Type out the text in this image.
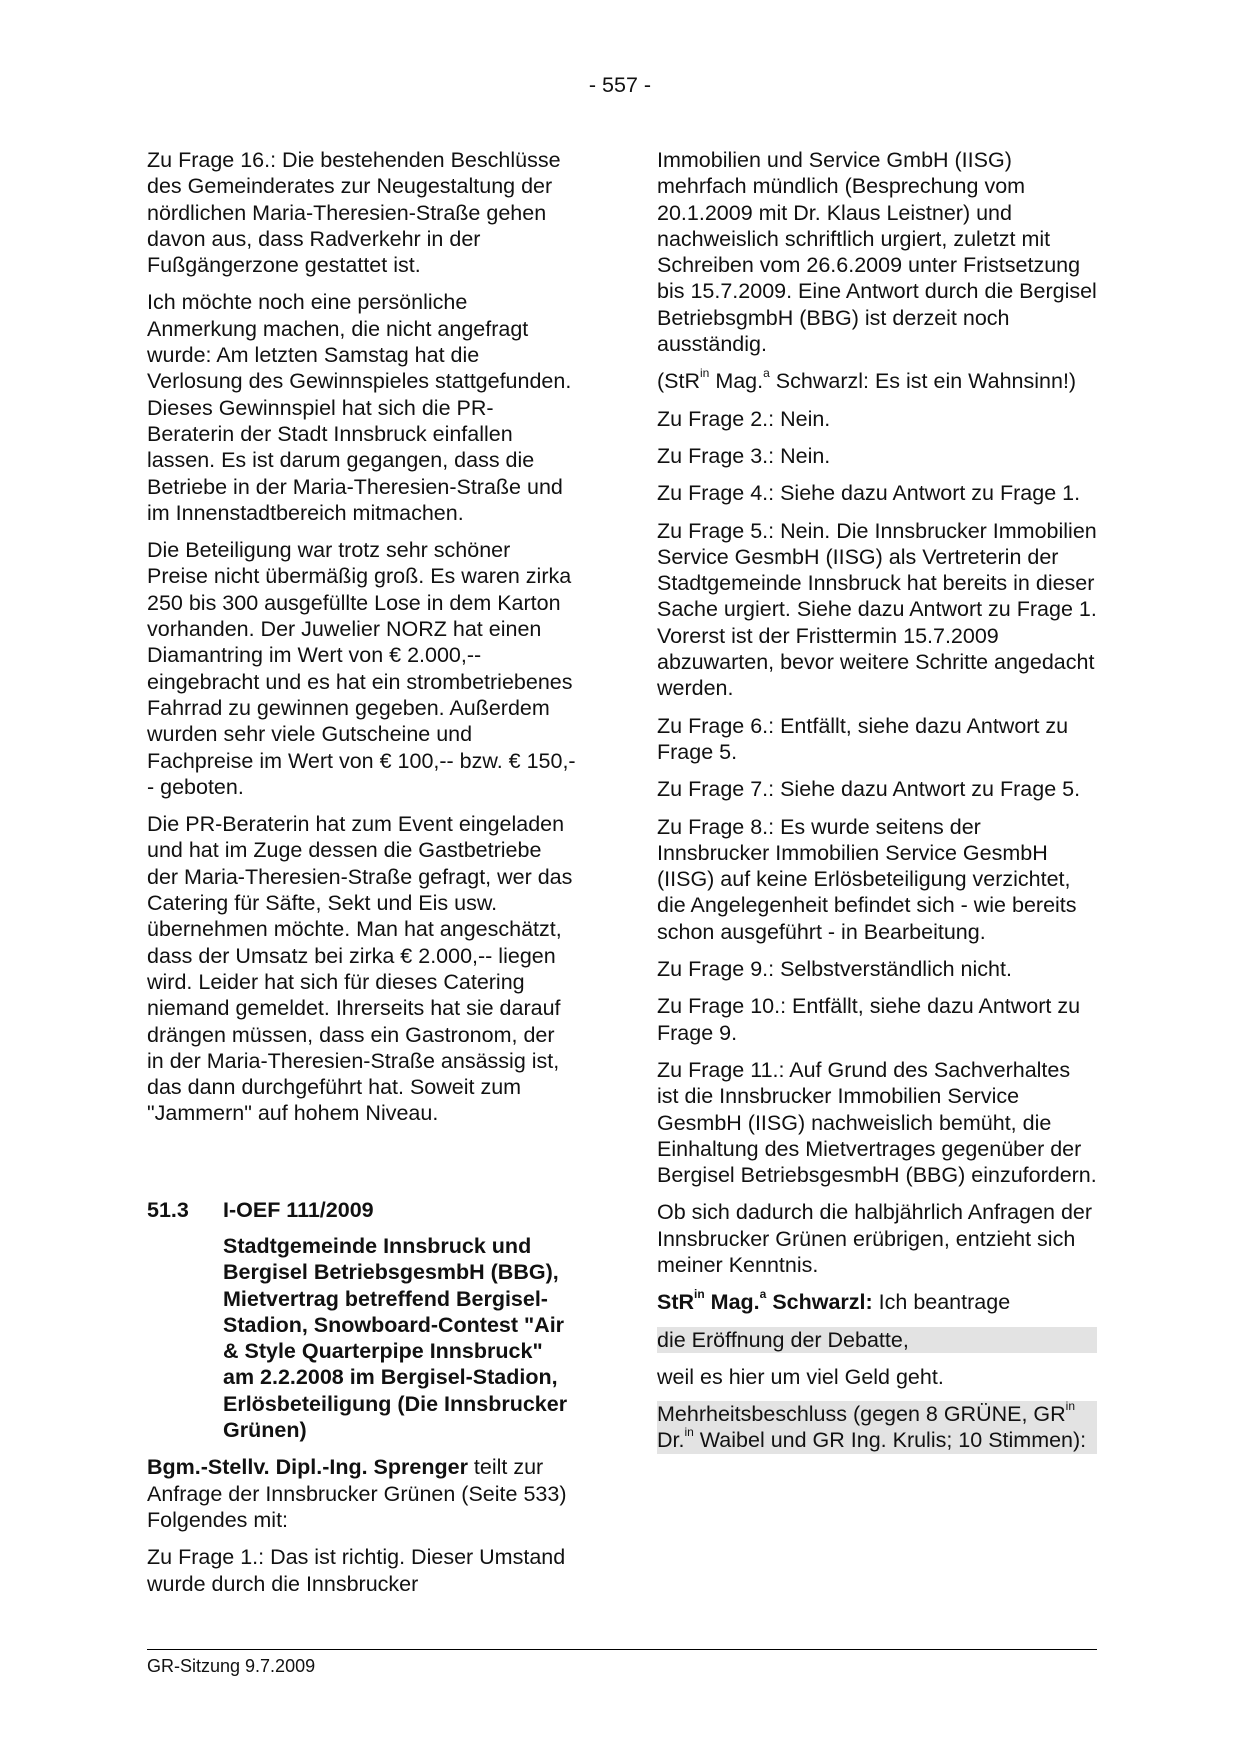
- 557 -

Zu Frage 16.: Die bestehenden Beschlüsse des Gemeinderates zur Neugestaltung der nördlichen Maria-Theresien-Straße gehen davon aus, dass Radverkehr in der Fußgängerzone gestattet ist.

Ich möchte noch eine persönliche Anmerkung machen, die nicht angefragt wurde: Am letzten Samstag hat die Verlosung des Gewinnspieles stattgefunden. Dieses Gewinnspiel hat sich die PR-Beraterin der Stadt Innsbruck einfallen lassen. Es ist darum gegangen, dass die Betriebe in der Maria-Theresien-Straße und im Innenstadtbereich mitmachen.

Die Beteiligung war trotz sehr schöner Preise nicht übermäßig groß. Es waren zirka 250 bis 300 ausgefüllte Lose in dem Karton vorhanden. Der Juwelier NORZ hat einen Diamantring im Wert von € 2.000,-- eingebracht und es hat ein strombetriebenes Fahrrad zu gewinnen gegeben. Außerdem wurden sehr viele Gutscheine und Fachpreise im Wert von € 100,-- bzw. € 150,-- geboten.

Die PR-Beraterin hat zum Event eingeladen und hat im Zuge dessen die Gastbetriebe der Maria-Theresien-Straße gefragt, wer das Catering für Säfte, Sekt und Eis usw. übernehmen möchte. Man hat angeschätzt, dass der Umsatz bei zirka € 2.000,-- liegen wird. Leider hat sich für dieses Catering niemand gemeldet. Ihrerseits hat sie darauf drängen müssen, dass ein Gastronom, der in der Maria-Theresien-Straße ansässig ist, das dann durchgeführt hat. Soweit zum "Jammern" auf hohem Niveau.

51.3	I-OEF 111/2009

Stadtgemeinde Innsbruck und Bergisel BetriebsgesmbH (BBG), Mietvertrag betreffend Bergisel-Stadion, Snowboard-Contest "Air & Style Quarterpipe Innsbruck" am 2.2.2008 im Bergisel-Stadion, Erlösbeteiligung (Die Innsbrucker Grünen)

Bgm.-Stellv. Dipl.-Ing. Sprenger teilt zur Anfrage der Innsbrucker Grünen (Seite 533) Folgendes mit:

Zu Frage 1.: Das ist richtig. Dieser Umstand wurde durch die Innsbrucker

Immobilien und Service GmbH (IISG) mehrfach mündlich (Besprechung vom 20.1.2009 mit Dr. Klaus Leistner) und nachweislich schriftlich urgiert, zuletzt mit Schreiben vom 26.6.2009 unter Fristsetzung bis 15.7.2009. Eine Antwort durch die Bergisel BetriebsgmbH (BBG) ist derzeit noch ausständig.

(StR$^{in}$ Mag.$^a$ Schwarzl: Es ist ein Wahnsinn!)

Zu Frage 2.: Nein.

Zu Frage 3.: Nein.

Zu Frage 4.: Siehe dazu Antwort zu Frage 1.

Zu Frage 5.: Nein. Die Innsbrucker Immobilien Service GesmbH (IISG) als Vertreterin der Stadtgemeinde Innsbruck hat bereits in dieser Sache urgiert. Siehe dazu Antwort zu Frage 1. Vorerst ist der Fristtermin 15.7.2009 abzuwarten, bevor weitere Schritte angedacht werden.

Zu Frage 6.: Entfällt, siehe dazu Antwort zu Frage 5.

Zu Frage 7.: Siehe dazu Antwort zu Frage 5.

Zu Frage 8.: Es wurde seitens der Innsbrucker Immobilien Service GesmbH (IISG) auf keine Erlösbeteiligung verzichtet, die Angelegenheit befindet sich - wie bereits schon ausgeführt - in Bearbeitung.

Zu Frage 9.: Selbstverständlich nicht.

Zu Frage 10.: Entfällt, siehe dazu Antwort zu Frage 9.

Zu Frage 11.: Auf Grund des Sachverhaltes ist die Innsbrucker Immobilien Service GesmbH (IISG) nachweislich bemüht, die Einhaltung des Mietvertrages gegenüber der Bergisel BetriebsgesmbH (BBG) einzufordern.

Ob sich dadurch die halbjährlich Anfragen der Innsbrucker Grünen erübrigen, entzieht sich meiner Kenntnis.

StR$^{in}$ Mag.$^a$ Schwarzl: Ich beantrage

die Eröffnung der Debatte,

weil es hier um viel Geld geht.

Mehrheitsbeschluss (gegen 8 GRÜNE, $GR^{in}$ Dr.$^{in}$ Waibel und GR Ing. Krulis; 10 Stimmen):

GR-Sitzung 9.7.2009
